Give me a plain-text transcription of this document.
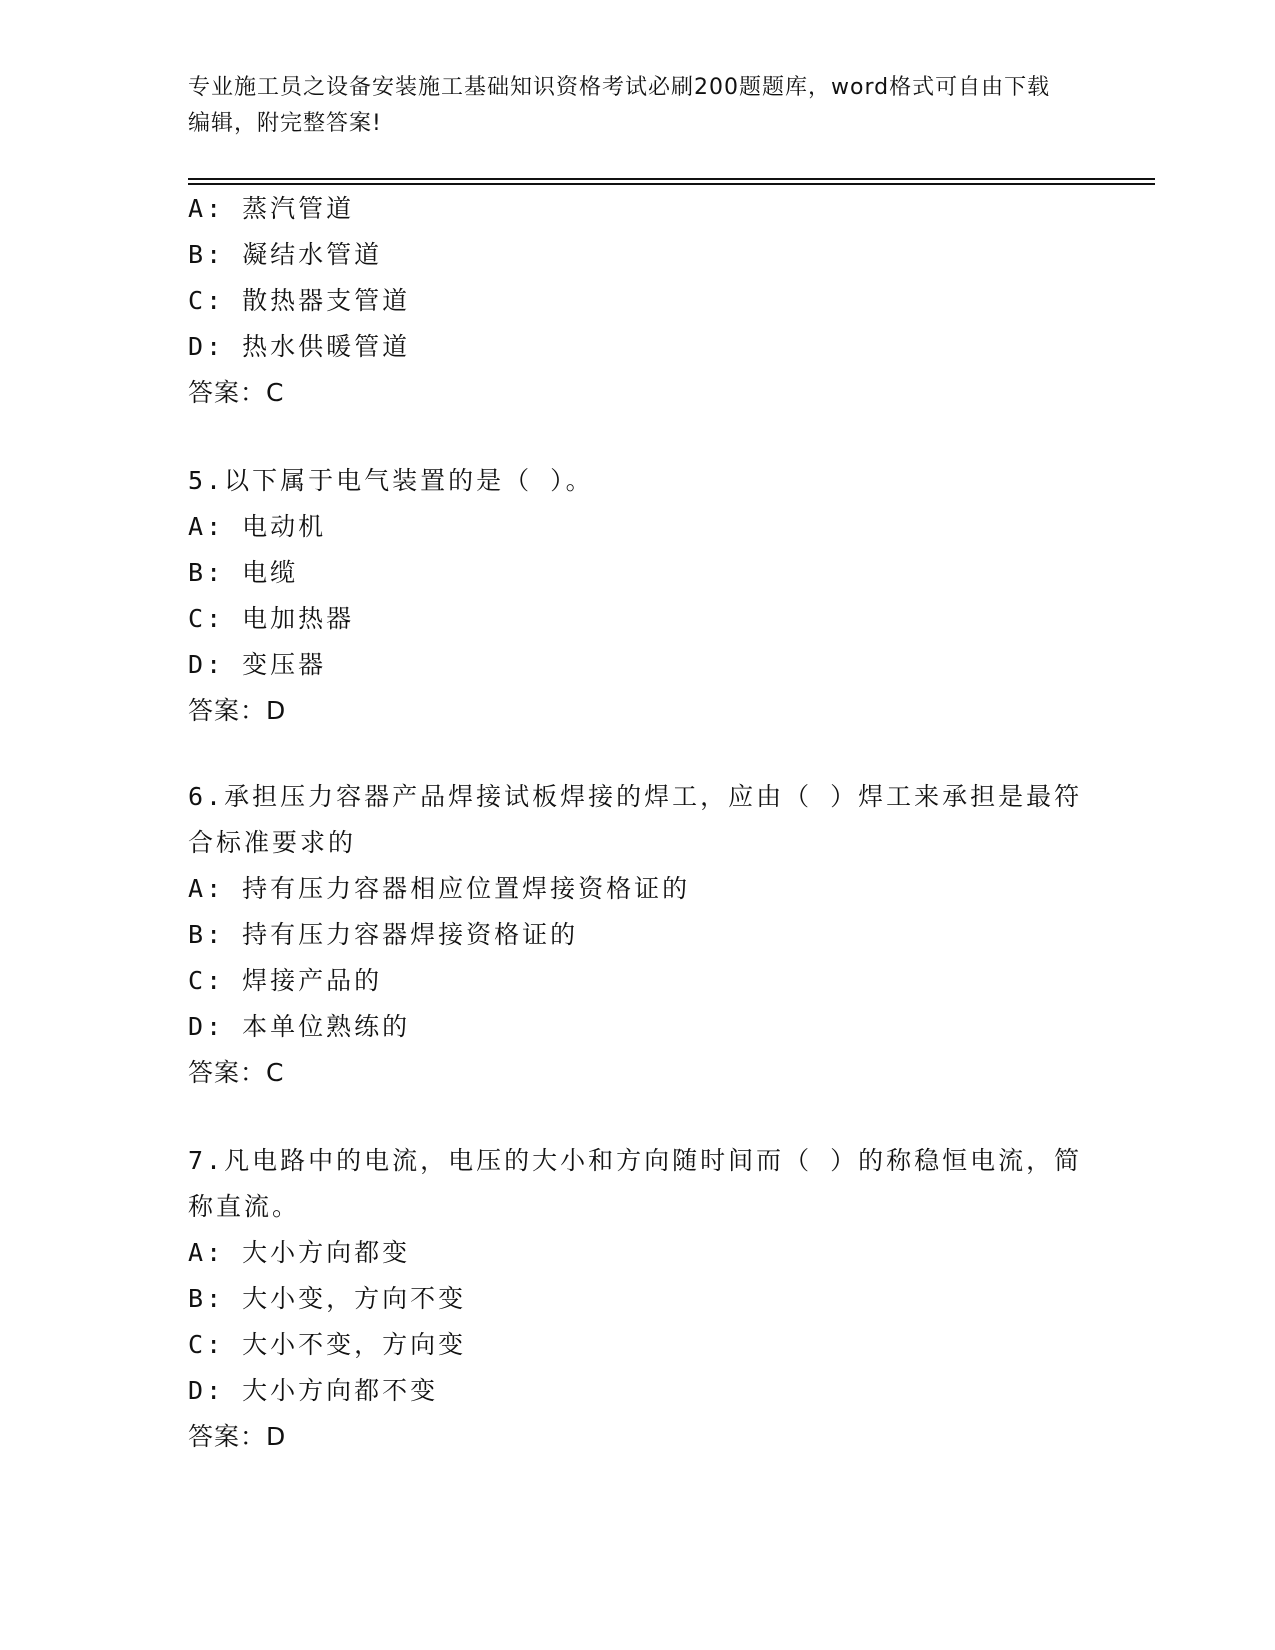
专业施工员之设备安装施工基础知识资格考试必刷200题题库，word格式可自由下载编辑，附完整答案!
A: 蒸汽管道
B: 凝结水管道
C: 散热器支管道
D: 热水供暖管道
答案：C
5.以下属于电气装置的是（ ）。
A: 电动机
B: 电缆
C: 电加热器
D: 变压器
答案：D
6.承担压力容器产品焊接试板焊接的焊工，应由（ ）焊工来承担是最符合标准要求的
A: 持有压力容器相应位置焊接资格证的
B: 持有压力容器焊接资格证的
C: 焊接产品的
D: 本单位熟练的
答案：C
7.凡电路中的电流，电压的大小和方向随时间而（ ）的称稳恒电流，简称直流。
A: 大小方向都变
B: 大小变，方向不变
C: 大小不变，方向变
D: 大小方向都不变
答案：D
